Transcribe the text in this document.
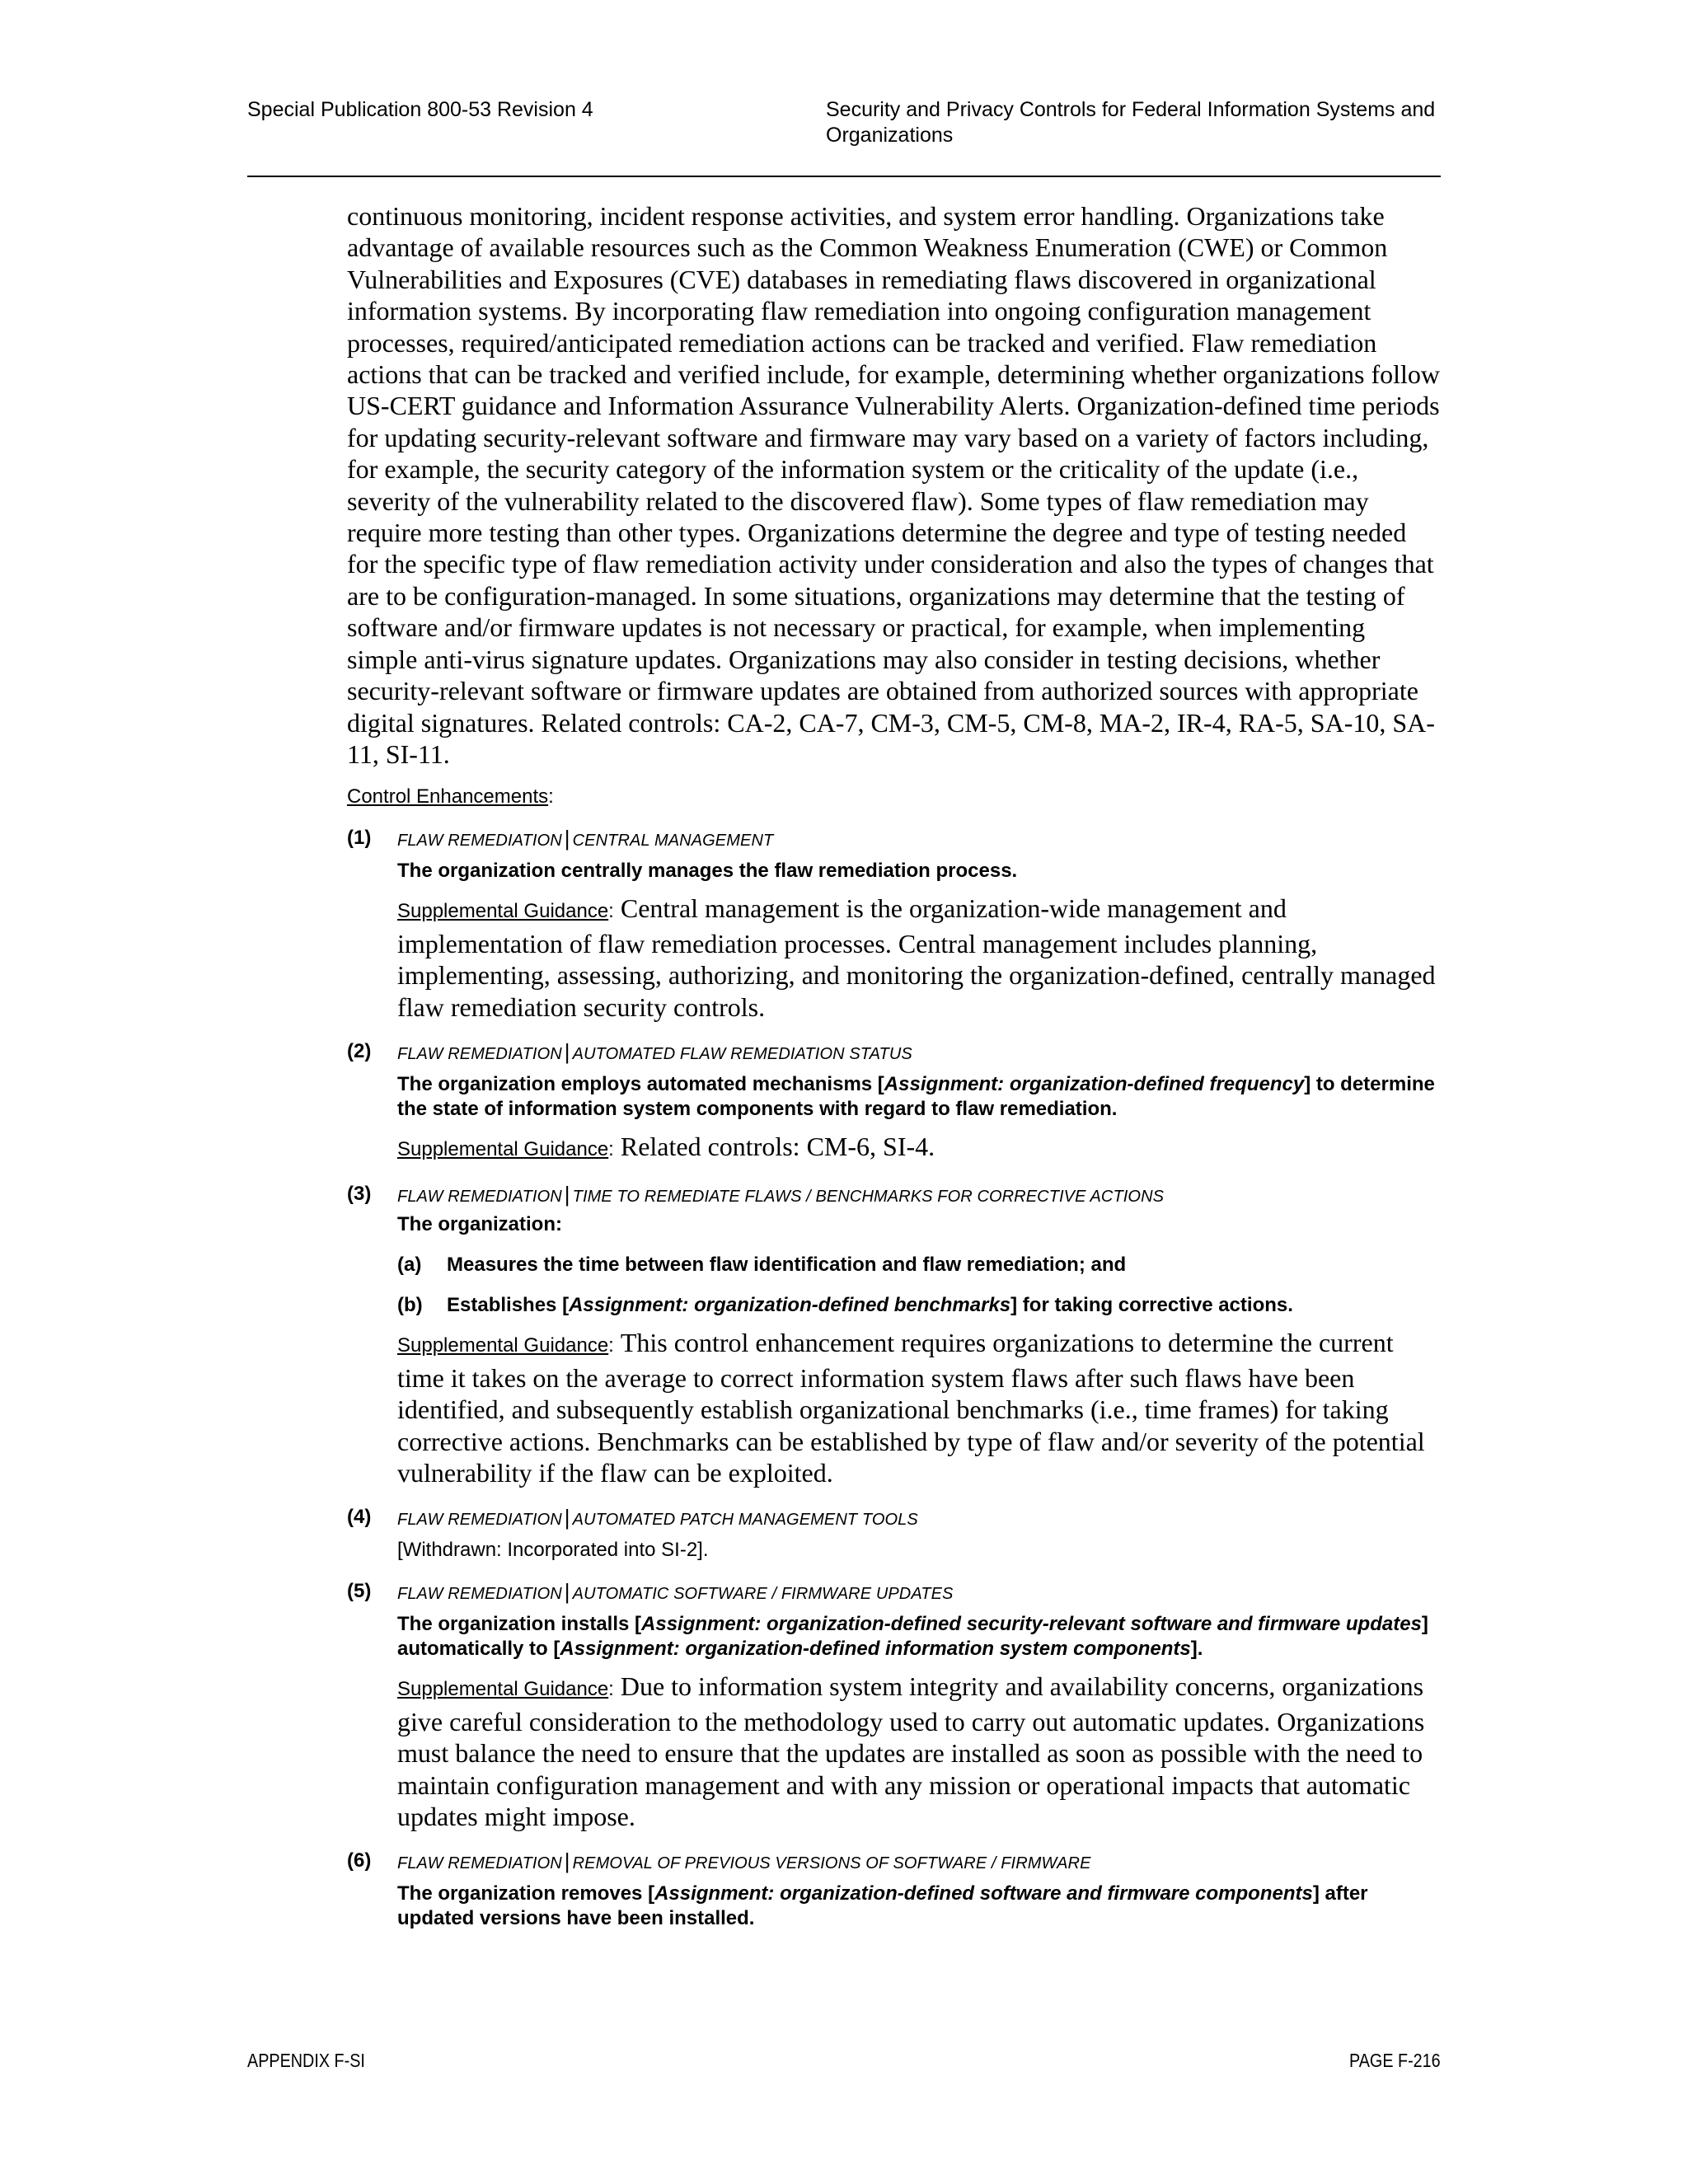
Special Publication 800-53 Revision 4	Security and Privacy Controls for Federal Information Systems and Organizations

continuous monitoring, incident response activities, and system error handling. Organizations take advantage of available resources such as the Common Weakness Enumeration (CWE) or Common Vulnerabilities and Exposures (CVE) databases in remediating flaws discovered in organizational information systems. By incorporating flaw remediation into ongoing configuration management processes, required/anticipated remediation actions can be tracked and verified. Flaw remediation actions that can be tracked and verified include, for example, determining whether organizations follow US-CERT guidance and Information Assurance Vulnerability Alerts. Organization-defined time periods for updating security-relevant software and firmware may vary based on a variety of factors including, for example, the security category of the information system or the criticality of the update (i.e., severity of the vulnerability related to the discovered flaw). Some types of flaw remediation may require more testing than other types. Organizations determine the degree and type of testing needed for the specific type of flaw remediation activity under consideration and also the types of changes that are to be configuration-managed. In some situations, organizations may determine that the testing of software and/or firmware updates is not necessary or practical, for example, when implementing simple anti-virus signature updates. Organizations may also consider in testing decisions, whether security-relevant software or firmware updates are obtained from authorized sources with appropriate digital signatures. Related controls: CA-2, CA-7, CM-3, CM-5, CM-8, MA-2, IR-4, RA-5, SA-10, SA-11, SI-11.

Control Enhancements:
(1) FLAW REMEDIATION | CENTRAL MANAGEMENT
The organization centrally manages the flaw remediation process.
Supplemental Guidance: Central management is the organization-wide management and implementation of flaw remediation processes. Central management includes planning, implementing, assessing, authorizing, and monitoring the organization-defined, centrally managed flaw remediation security controls.
(2) FLAW REMEDIATION | AUTOMATED FLAW REMEDIATION STATUS
The organization employs automated mechanisms [Assignment: organization-defined frequency] to determine the state of information system components with regard to flaw remediation.
Supplemental Guidance: Related controls: CM-6, SI-4.
(3) FLAW REMEDIATION | TIME TO REMEDIATE FLAWS / BENCHMARKS FOR CORRECTIVE ACTIONS
The organization:
(a) Measures the time between flaw identification and flaw remediation; and
(b) Establishes [Assignment: organization-defined benchmarks] for taking corrective actions.
Supplemental Guidance: This control enhancement requires organizations to determine the current time it takes on the average to correct information system flaws after such flaws have been identified, and subsequently establish organizational benchmarks (i.e., time frames) for taking corrective actions. Benchmarks can be established by type of flaw and/or severity of the potential vulnerability if the flaw can be exploited.
(4) FLAW REMEDIATION | AUTOMATED PATCH MANAGEMENT TOOLS
[Withdrawn: Incorporated into SI-2].
(5) FLAW REMEDIATION | AUTOMATIC SOFTWARE / FIRMWARE UPDATES
The organization installs [Assignment: organization-defined security-relevant software and firmware updates] automatically to [Assignment: organization-defined information system components].
Supplemental Guidance: Due to information system integrity and availability concerns, organizations give careful consideration to the methodology used to carry out automatic updates. Organizations must balance the need to ensure that the updates are installed as soon as possible with the need to maintain configuration management and with any mission or operational impacts that automatic updates might impose.
(6) FLAW REMEDIATION | REMOVAL OF PREVIOUS VERSIONS OF SOFTWARE / FIRMWARE
The organization removes [Assignment: organization-defined software and firmware components] after updated versions have been installed.
APPENDIX F-SI	PAGE F-216
